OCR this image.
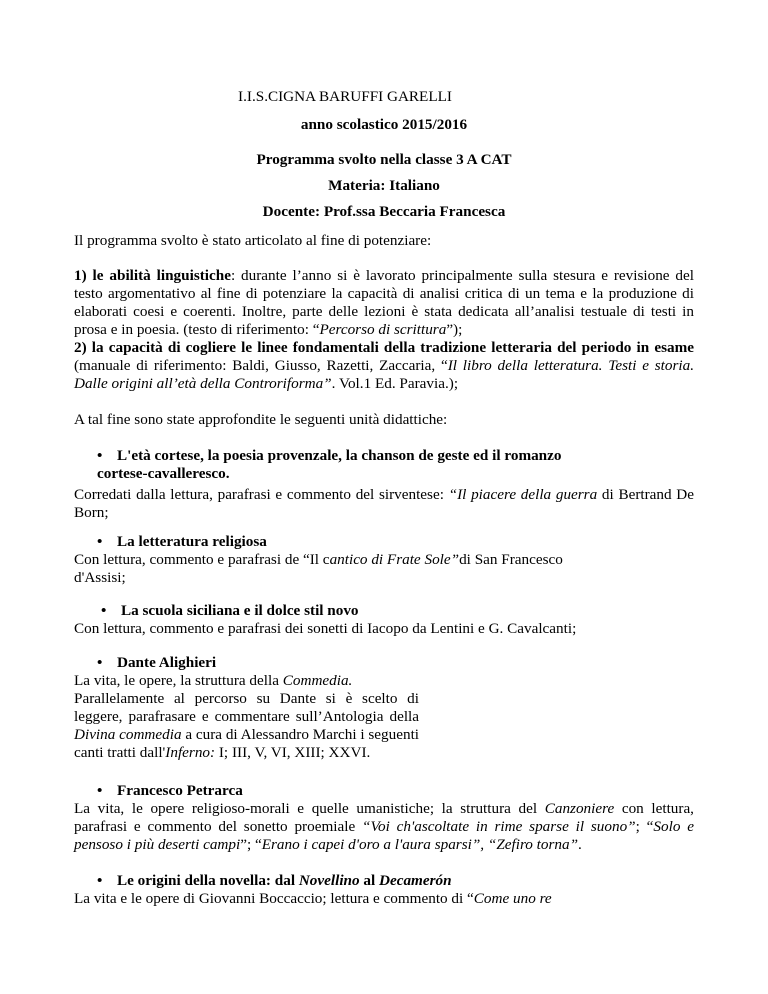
I.I.S.CIGNA BARUFFI GARELLI
anno scolastico 2015/2016
Programma svolto nella classe 3 A CAT
Materia: Italiano
Docente: Prof.ssa Beccaria Francesca
Il programma svolto è stato articolato al fine di potenziare:
1) le abilità linguistiche: durante l’anno si è lavorato principalmente sulla stesura e revisione del testo argomentativo al fine di potenziare la capacità di analisi critica di un tema e la produzione di elaborati coesi e coerenti. Inoltre, parte delle lezioni è stata dedicata all’analisi testuale di testi in prosa e in poesia. (testo di riferimento: “Percorso di scrittura”);
2) la capacità di cogliere le linee fondamentali della tradizione letteraria del periodo in esame (manuale di riferimento: Baldi, Giusso, Razetti, Zaccaria, “Il libro della letteratura. Testi e storia. Dalle origini all’età della Controriforma”. Vol.1 Ed. Paravia.);
A tal fine sono state approfondite le seguenti unità didattiche:
• L'età cortese, la poesia provenzale, la chanson de geste ed il romanzo cortese-cavalleresco.
Corredati dalla lettura, parafrasi e commento del sirventese: “Il piacere della guerra di Bertrand De Born;
• La letteratura religiosa
Con lettura, commento e parafrasi de “Il cantico di Frate Sole”di San Francesco d'Assisi;
• La scuola siciliana e il dolce stil novo
Con lettura, commento e parafrasi dei sonetti di Iacopo da Lentini e G. Cavalcanti;
• Dante Alighieri
La vita, le opere, la struttura della Commedia.
Parallelamente al percorso su Dante si è scelto di leggere, parafrasare e commentare sull’Antologia della Divina commedia a cura di Alessandro Marchi i seguenti canti tratti dall'Inferno: I; III, V, VI, XIII; XXVI.
• Francesco Petrarca
La vita, le opere religioso-morali e quelle umanistiche; la struttura del Canzoniere con lettura, parafrasi e commento del sonetto proemiale “Voi ch'ascoltate in rime sparse il suono”; “Solo e pensoso i più deserti campi”; “Erano i capei d'oro a l'aura sparsi”, “Zefiro torna”.
• Le origini della novella: dal Novellino al Decamerón
La vita e le opere di Giovanni Boccaccio; lettura e commento di “Come uno re
